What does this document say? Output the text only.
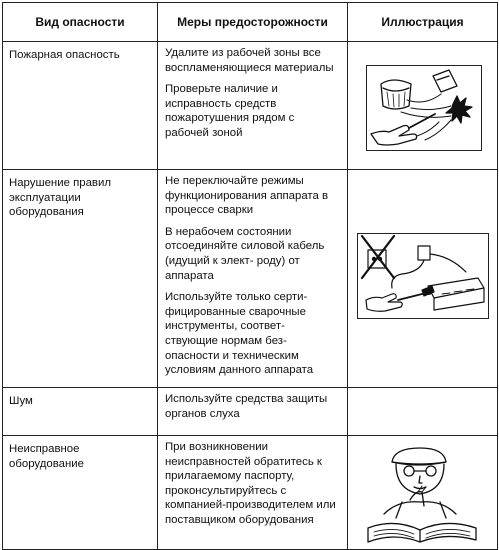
Вид опасности	Меры предосторожности	Иллюстрация
Пожарная опасность	Удалите из рабочей зоны все воспламеняющиеся материалы

Проверьте наличие и исправность средств пожаротушения рядом с рабочей зоной

Нарушение правил эксплуатации оборудования	Не переключайте режимы функционирования аппарата в процессе сварки

В нерабочем состоянии отсоединяйте силовой кабель (идущий к элект- роду) от аппарата

Используйте только серти- фицированные сварочные инструменты, соответ- ствующие нормам без- опасности и техническим условиям данного аппарата

Шум	Используйте средства защиты органов слуха	

Неисправное оборудование	При возникновении неисправностей обратитесь к прилагаемому паспорту, проконсультируйтесь с компанией-производителем или поставщиком оборудования
